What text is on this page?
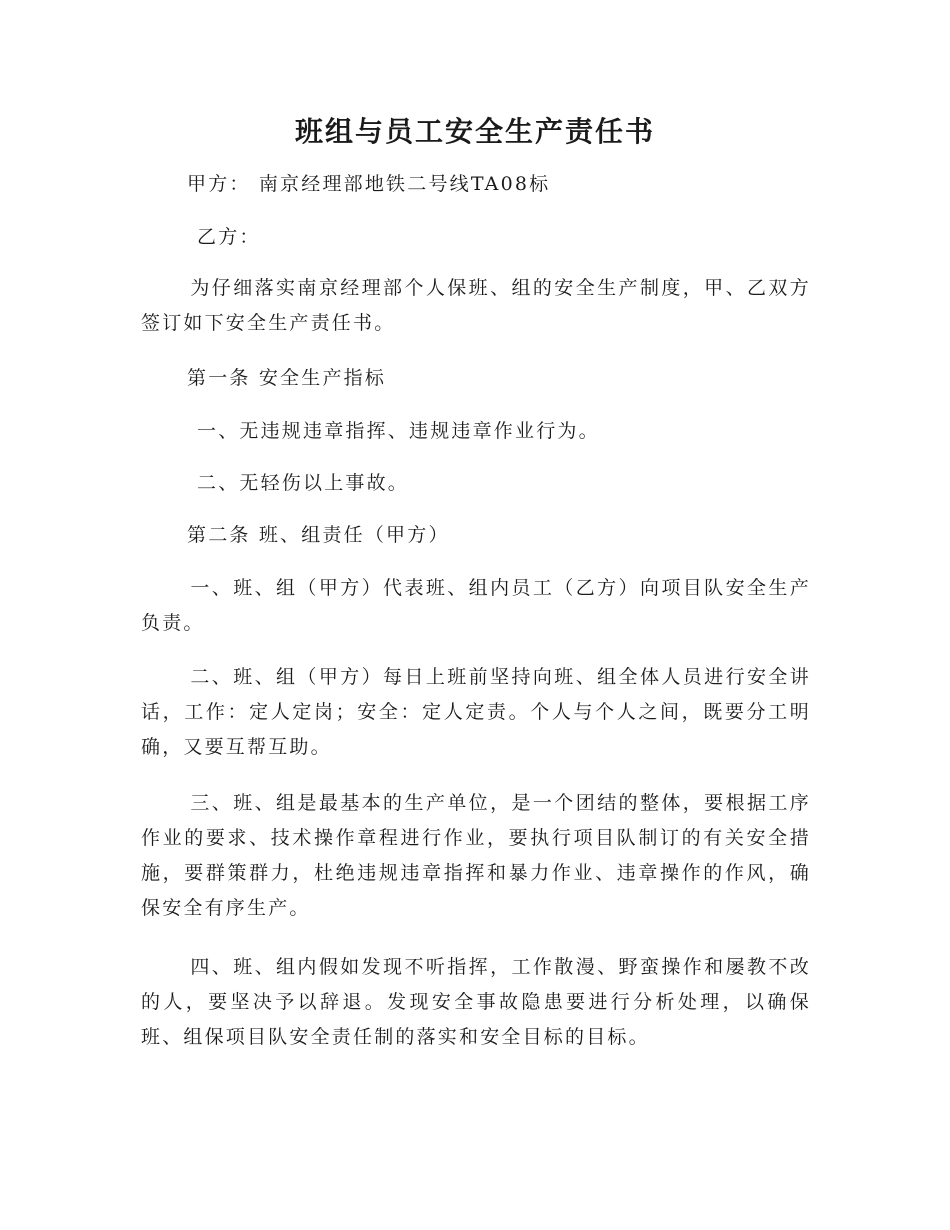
班组与员工安全生产责任书
甲方： 南京经理部地铁二号线TA08标
乙方：
为仔细落实南京经理部个人保班、组的安全生产制度，甲、乙双方签订如下安全生产责任书。
第一条 安全生产指标
一、无违规违章指挥、违规违章作业行为。
二、无轻伤以上事故。
第二条 班、组责任（甲方）
一、班、组（甲方）代表班、组内员工（乙方）向项目队安全生产负责。
二、班、组（甲方）每日上班前坚持向班、组全体人员进行安全讲话，工作：定人定岗；安全：定人定责。个人与个人之间，既要分工明确，又要互帮互助。
三、班、组是最基本的生产单位，是一个团结的整体，要根据工序作业的要求、技术操作章程进行作业，要执行项目队制订的有关安全措施，要群策群力，杜绝违规违章指挥和暴力作业、违章操作的作风，确保安全有序生产。
四、班、组内假如发现不听指挥，工作散漫、野蛮操作和屡教不改的人，要坚决予以辞退。发现安全事故隐患要进行分析处理，以确保班、组保项目队安全责任制的落实和安全目标的目标。
